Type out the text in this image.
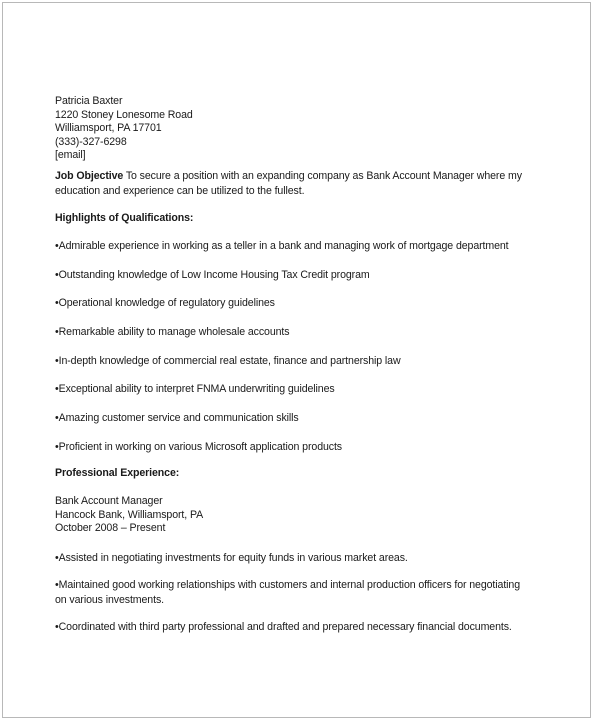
Patricia Baxter
1220 Stoney Lonesome Road
Williamsport, PA 17701
(333)-327-6298
[email]
Job Objective To secure a position with an expanding company as Bank Account Manager where my education and experience can be utilized to the fullest.
Highlights of Qualifications:
•Admirable experience in working as a teller in a bank and managing work of mortgage department
•Outstanding knowledge of Low Income Housing Tax Credit program
•Operational knowledge of regulatory guidelines
•Remarkable ability to manage wholesale accounts
•In-depth knowledge of commercial real estate, finance and partnership law
•Exceptional ability to interpret FNMA underwriting guidelines
•Amazing customer service and communication skills
•Proficient in working on various Microsoft application products
Professional Experience:
Bank Account Manager
Hancock Bank, Williamsport, PA
October 2008 – Present
•Assisted in negotiating investments for equity funds in various market areas.
•Maintained good working relationships with customers and internal production officers for negotiating on various investments.
•Coordinated with third party professional and drafted and prepared necessary financial documents.
